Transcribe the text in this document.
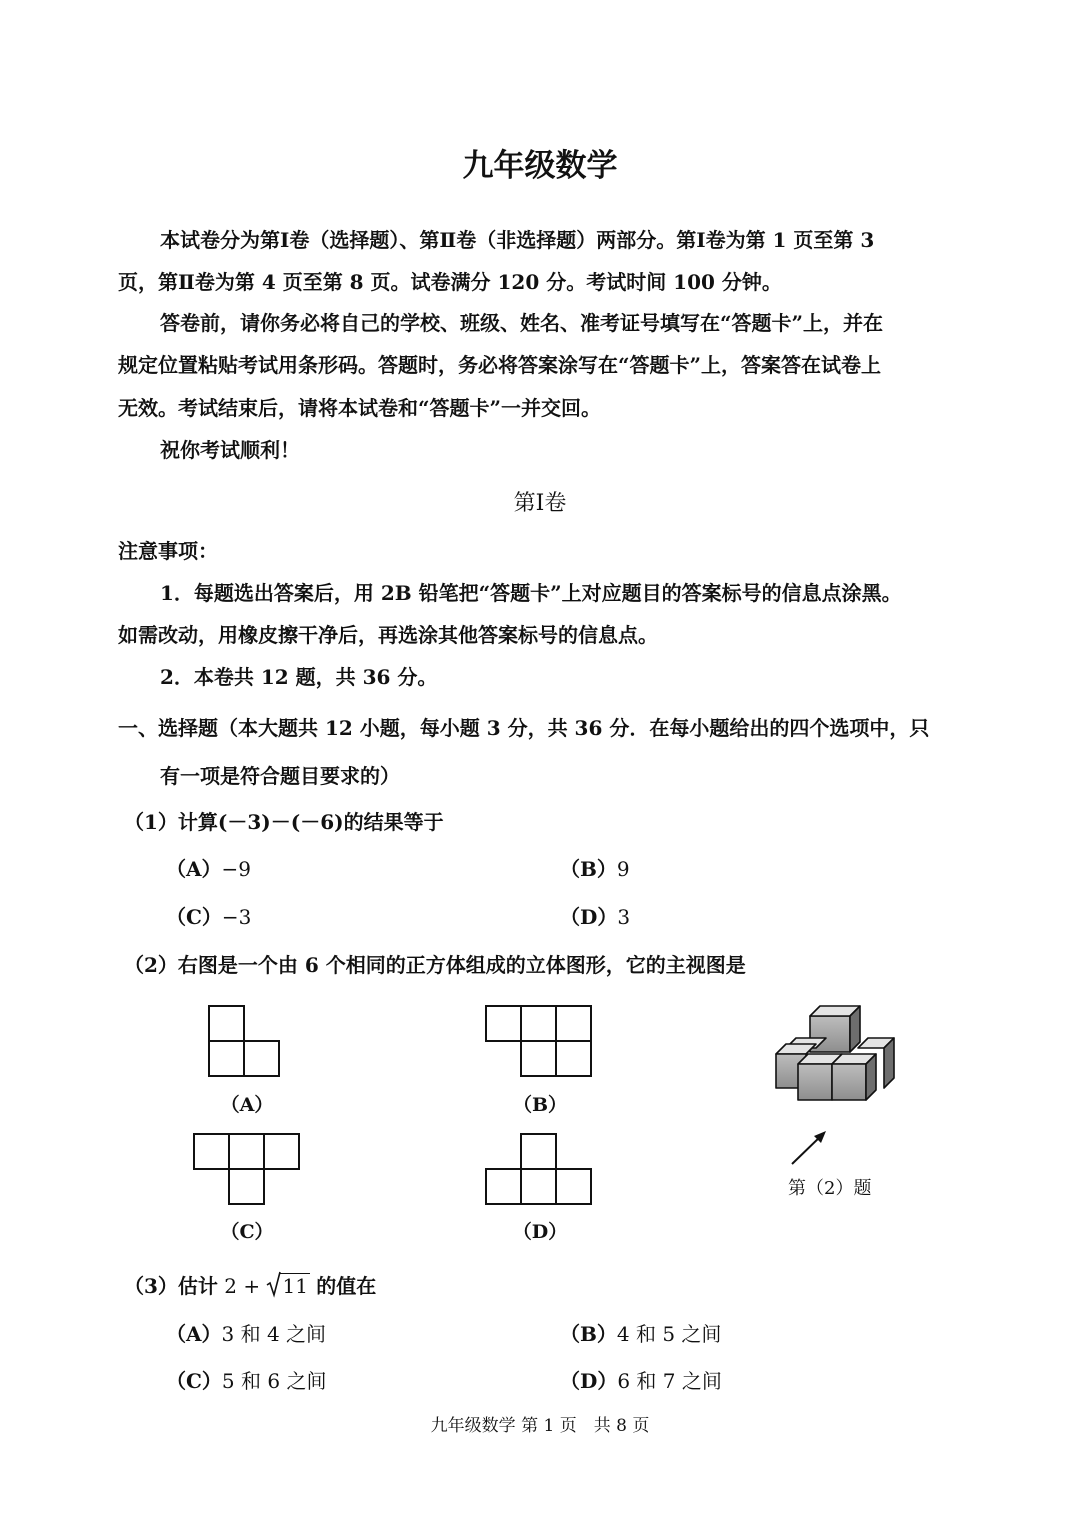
九年级数学
本试卷分为第Ⅰ卷（选择题）、第Ⅱ卷（非选择题）两部分。第Ⅰ卷为第 1 页至第 3
页，第Ⅱ卷为第 4 页至第 8 页。试卷满分 120 分。考试时间 100 分钟。
答卷前，请你务必将自己的学校、班级、姓名、准考证号填写在“答题卡”上，并在
规定位置粘贴考试用条形码。答题时，务必将答案涂写在“答题卡”上，答案答在试卷上
无效。考试结束后，请将本试卷和“答题卡”一并交回。
祝你考试顺利！
第Ⅰ卷
注意事项：
1．每题选出答案后，用 2B 铅笔把“答题卡”上对应题目的答案标号的信息点涂黑。
如需改动，用橡皮擦干净后，再选涂其他答案标号的信息点。
2．本卷共 12 题，共 36 分。
一、选择题（本大题共 12 小题，每小题 3 分，共 36 分．在每小题给出的四个选项中，只
有一项是符合题目要求的）
（1）计算(－3)－(－6)的结果等于
（A）−9	（B）9
（C）−3	（D）3
（2）右图是一个由 6 个相同的正方体组成的立体图形，它的主视图是
（A）	（B）
（C）	（D）
第（2）题
（3）估计 2 + 11 的值在
（A）3 和 4 之间	（B）4 和 5 之间
（C）5 和 6 之间	（D）6 和 7 之间
九年级数学 第 1 页　共 8 页
